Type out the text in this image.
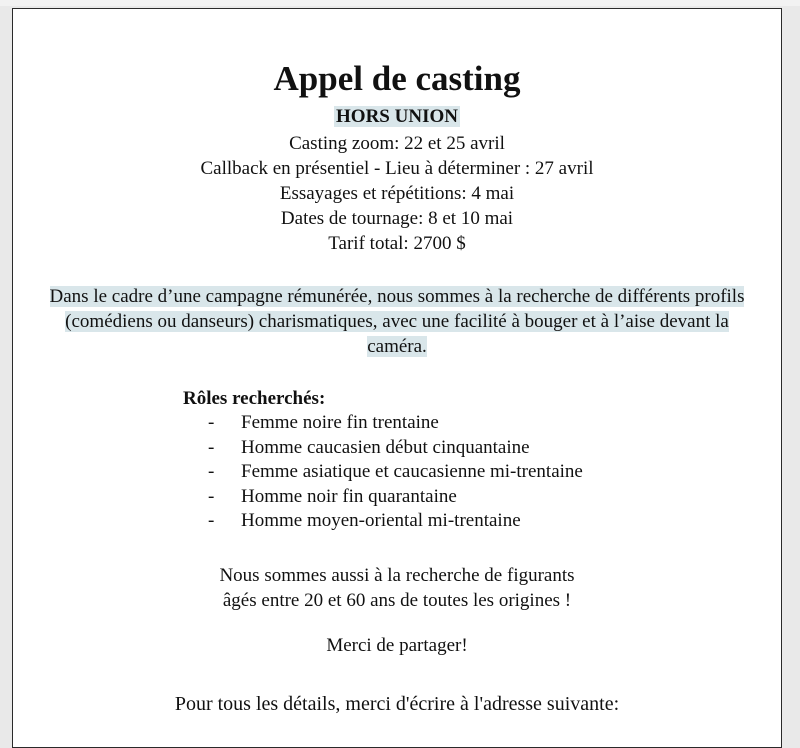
Appel de casting
HORS UNION
Casting zoom: 22 et 25 avril
Callback en présentiel - Lieu à déterminer : 27 avril
Essayages et répétitions: 4 mai
Dates de tournage: 8 et 10 mai
Tarif total: 2700 $
Dans le cadre d’une campagne rémunérée, nous sommes à la recherche de différents profils
(comédiens ou danseurs) charismatiques, avec une facilité à bouger et à l’aise devant la
caméra.
Rôles recherchés:
- Femme noire fin trentaine
- Homme caucasien début cinquantaine
- Femme asiatique et caucasienne mi-trentaine
- Homme noir fin quarantaine
- Homme moyen-oriental mi-trentaine
Nous sommes aussi à la recherche de figurants
âgés entre 20 et 60 ans de toutes les origines !
Merci de partager!
Pour tous les détails, merci d'écrire à l'adresse suivante:
